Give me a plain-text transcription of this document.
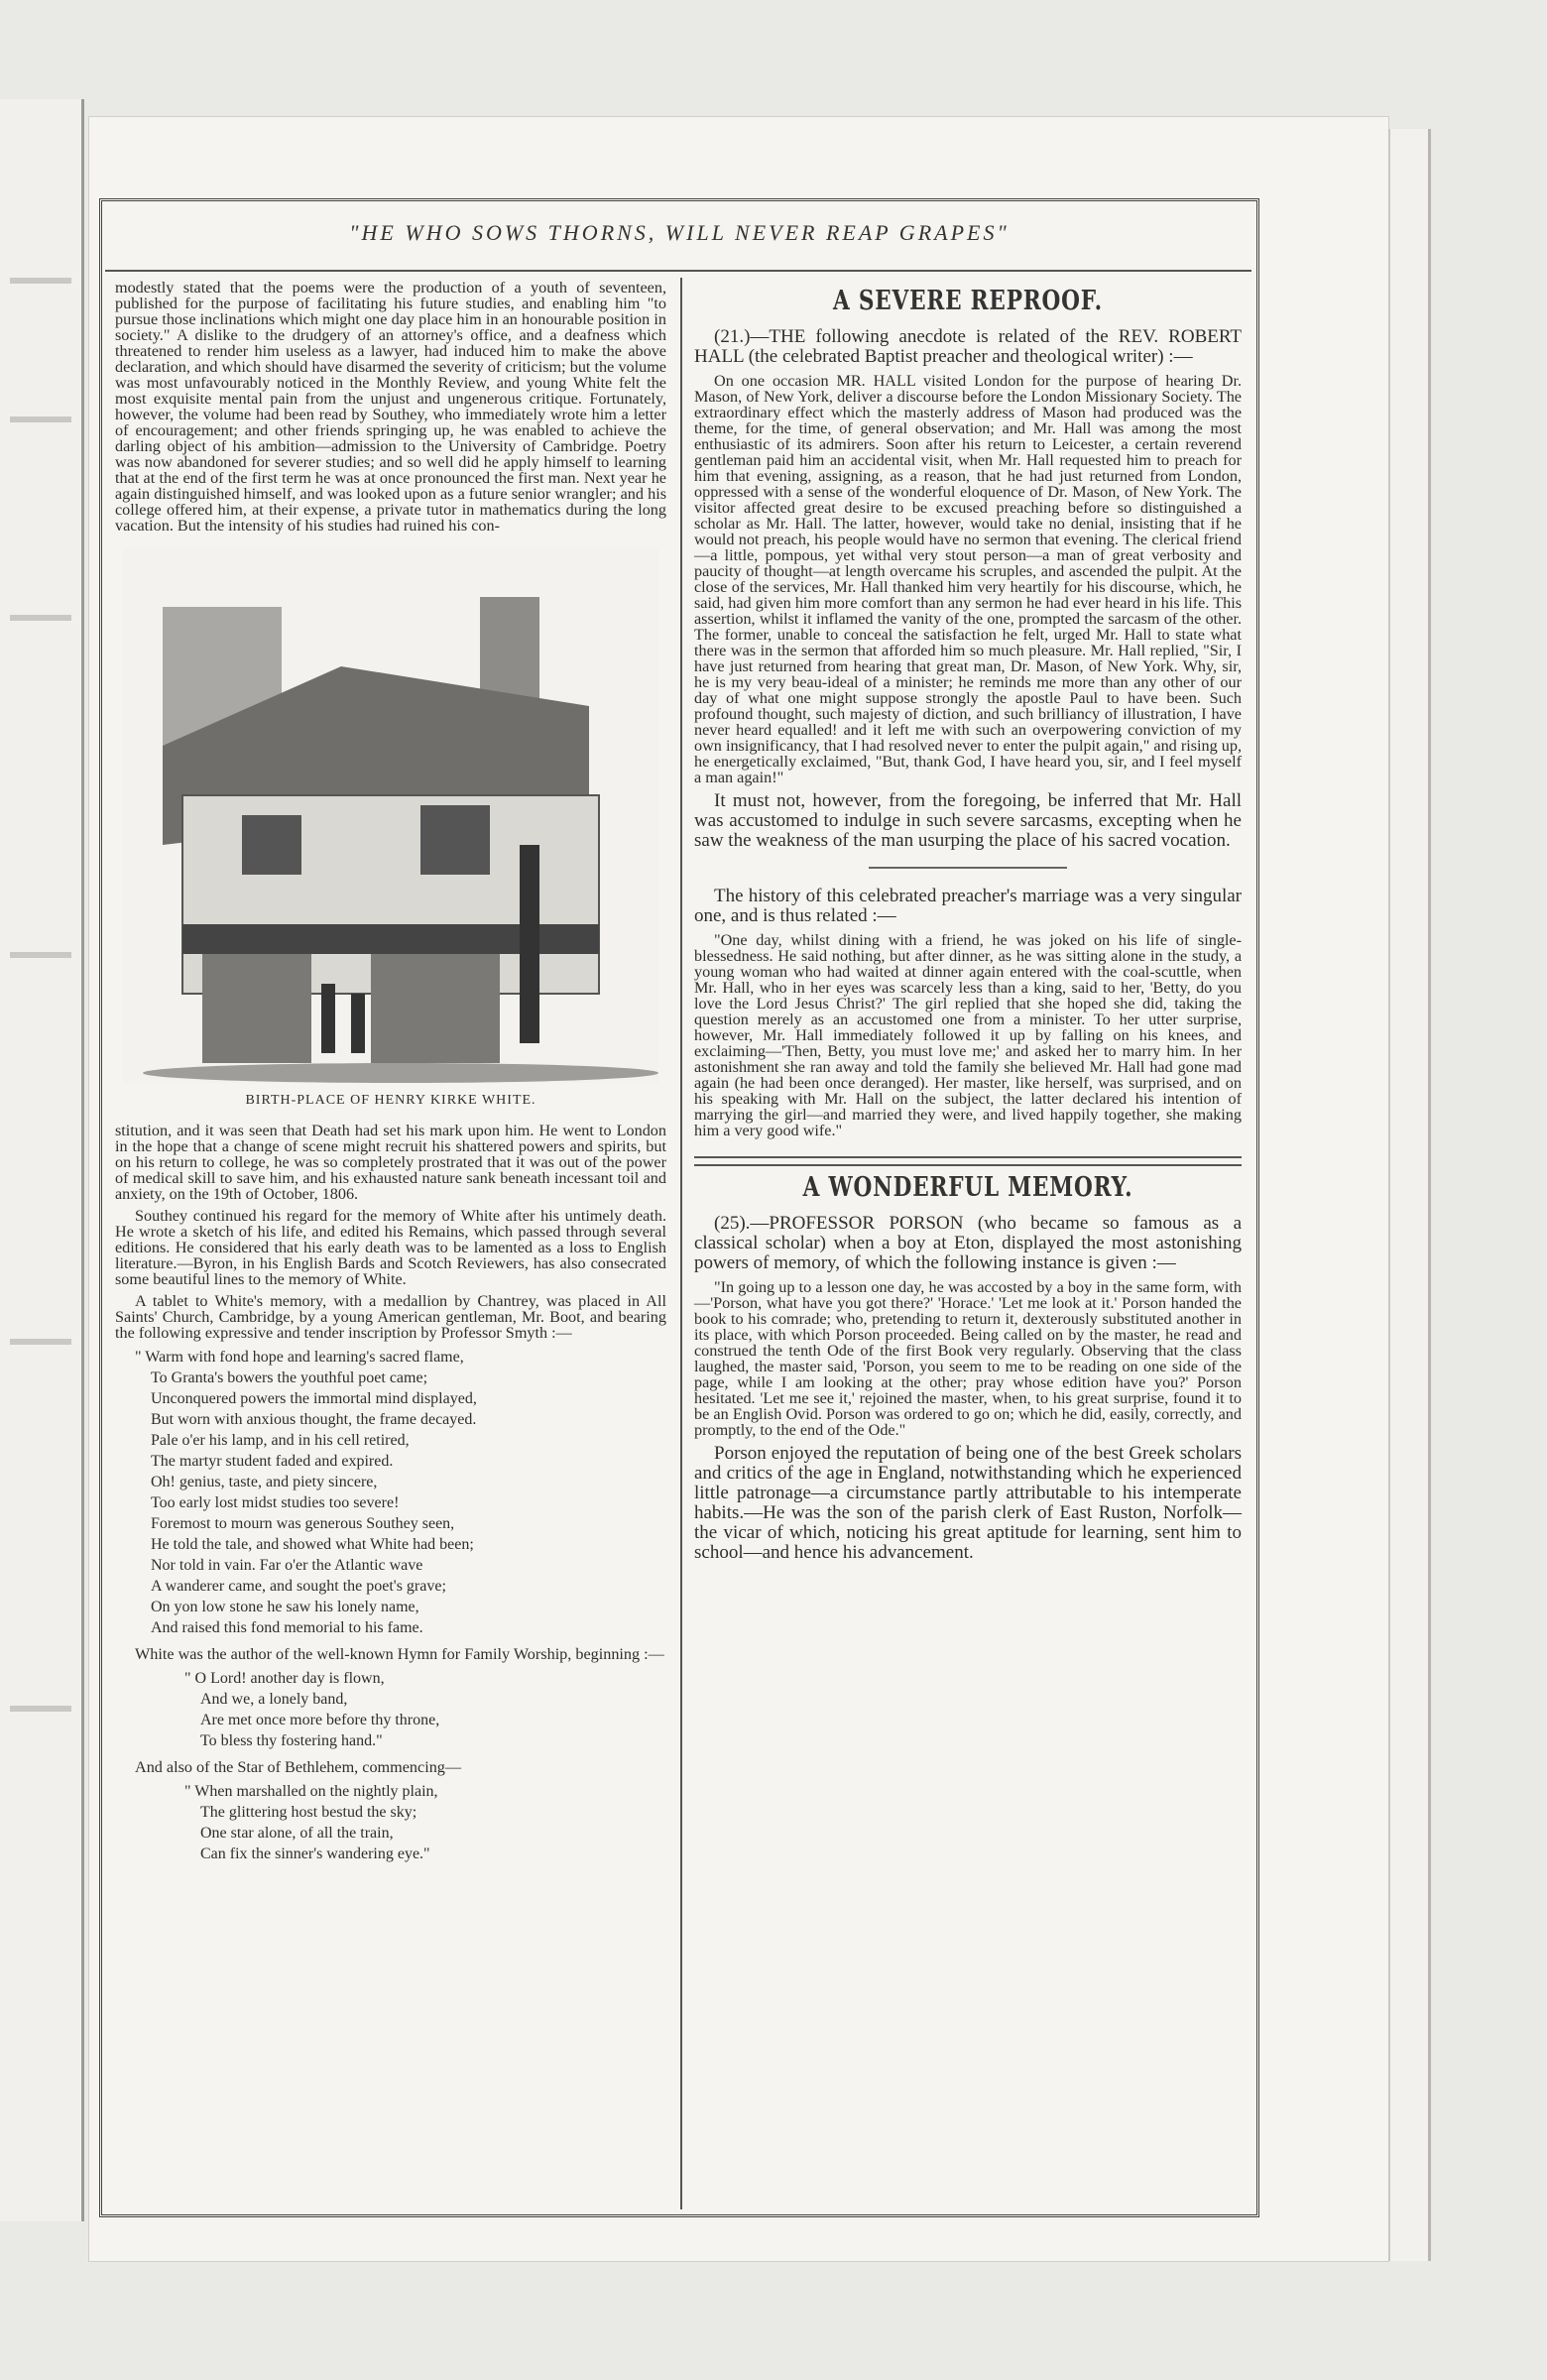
"HE WHO SOWS THORNS, WILL NEVER REAP GRAPES"

modestly stated that the poems were the production of a youth of seventeen, published for the purpose of facilitating his future studies, and enabling him "to pursue those inclinations which might one day place him in an honourable position in society." A dislike to the drudgery of an attorney's office, and a deafness which threatened to render him useless as a lawyer, had induced him to make the above declaration, and which should have disarmed the severity of criticism; but the volume was most unfavourably noticed in the Monthly Review, and young White felt the most exquisite mental pain from the unjust and ungenerous critique. Fortunately, however, the volume had been read by Southey, who immediately wrote him a letter of encouragement; and other friends springing up, he was enabled to achieve the darling object of his ambition—admission to the University of Cambridge. Poetry was now abandoned for severer studies; and so well did he apply himself to learning that at the end of the first term he was at once pronounced the first man. Next year he again distinguished himself, and was looked upon as a future senior wrangler; and his college offered him, at their expense, a private tutor in mathematics during the long vacation. But the intensity of his studies had ruined his con-

BIRTH-PLACE OF HENRY KIRKE WHITE.

stitution, and it was seen that Death had set his mark upon him. He went to London in the hope that a change of scene might recruit his shattered powers and spirits, but on his return to college, he was so completely prostrated that it was out of the power of medical skill to save him, and his exhausted nature sank beneath incessant toil and anxiety, on the 19th of October, 1806.

Southey continued his regard for the memory of White after his untimely death. He wrote a sketch of his life, and edited his Remains, which passed through several editions. He considered that his early death was to be lamented as a loss to English literature.—Byron, in his English Bards and Scotch Reviewers, has also consecrated some beautiful lines to the memory of White.

A tablet to White's memory, with a medallion by Chantrey, was placed in All Saints' Church, Cambridge, by a young American gentleman, Mr. Boot, and bearing the following expressive and tender inscription by Professor Smyth :—

" Warm with fond hope and learning's sacred flame,
To Granta's bowers the youthful poet came;
Unconquered powers the immortal mind displayed,
But worn with anxious thought, the frame decayed.
Pale o'er his lamp, and in his cell retired,
The martyr student faded and expired.
Oh! genius, taste, and piety sincere,
Too early lost midst studies too severe!
Foremost to mourn was generous Southey seen,
He told the tale, and showed what White had been;
Nor told in vain. Far o'er the Atlantic wave
A wanderer came, and sought the poet's grave;
On yon low stone he saw his lonely name,
And raised this fond memorial to his fame.

White was the author of the well-known Hymn for Family Worship, beginning :—

" O Lord! another day is flown,
And we, a lonely band,
Are met once more before thy throne,
To bless thy fostering hand."

And also of the Star of Bethlehem, commencing—

" When marshalled on the nightly plain,
The glittering host bestud the sky;
One star alone, of all the train,
Can fix the sinner's wandering eye."
A SEVERE REPROOF.

(21.)—THE following anecdote is related of the REV. ROBERT HALL (the celebrated Baptist preacher and theological writer) :—

On one occasion MR. HALL visited London for the purpose of hearing Dr. Mason, of New York, deliver a discourse before the London Missionary Society. The extraordinary effect which the masterly address of Mason had produced was the theme, for the time, of general observation; and Mr. Hall was among the most enthusiastic of its admirers. Soon after his return to Leicester, a certain reverend gentleman paid him an accidental visit, when Mr. Hall requested him to preach for him that evening, assigning, as a reason, that he had just returned from London, oppressed with a sense of the wonderful eloquence of Dr. Mason, of New York. The visitor affected great desire to be excused preaching before so distinguished a scholar as Mr. Hall. The latter, however, would take no denial, insisting that if he would not preach, his people would have no sermon that evening. The clerical friend—a little, pompous, yet withal very stout person—a man of great verbosity and paucity of thought—at length overcame his scruples, and ascended the pulpit. At the close of the services, Mr. Hall thanked him very heartily for his discourse, which, he said, had given him more comfort than any sermon he had ever heard in his life. This assertion, whilst it inflamed the vanity of the one, prompted the sarcasm of the other. The former, unable to conceal the satisfaction he felt, urged Mr. Hall to state what there was in the sermon that afforded him so much pleasure. Mr. Hall replied, "Sir, I have just returned from hearing that great man, Dr. Mason, of New York. Why, sir, he is my very beau-ideal of a minister; he reminds me more than any other of our day of what one might suppose strongly the apostle Paul to have been. Such profound thought, such majesty of diction, and such brilliancy of illustration, I have never heard equalled! and it left me with such an overpowering conviction of my own insignificancy, that I had resolved never to enter the pulpit again," and rising up, he energetically exclaimed, "But, thank God, I have heard you, sir, and I feel myself a man again!"

It must not, however, from the foregoing, be inferred that Mr. Hall was accustomed to indulge in such severe sarcasms, excepting when he saw the weakness of the man usurping the place of his sacred vocation.

The history of this celebrated preacher's marriage was a very singular one, and is thus related :—

"One day, whilst dining with a friend, he was joked on his life of single-blessedness. He said nothing, but after dinner, as he was sitting alone in the study, a young woman who had waited at dinner again entered with the coal-scuttle, when Mr. Hall, who in her eyes was scarcely less than a king, said to her, 'Betty, do you love the Lord Jesus Christ?' The girl replied that she hoped she did, taking the question merely as an accustomed one from a minister. To her utter surprise, however, Mr. Hall immediately followed it up by falling on his knees, and exclaiming—'Then, Betty, you must love me;' and asked her to marry him. In her astonishment she ran away and told the family she believed Mr. Hall had gone mad again (he had been once deranged). Her master, like herself, was surprised, and on his speaking with Mr. Hall on the subject, the latter declared his intention of marrying the girl—and married they were, and lived happily together, she making him a very good wife."

A WONDERFUL MEMORY.

(25).—PROFESSOR PORSON (who became so famous as a classical scholar) when a boy at Eton, displayed the most astonishing powers of memory, of which the following instance is given :—

"In going up to a lesson one day, he was accosted by a boy in the same form, with—'Porson, what have you got there?' 'Horace.' 'Let me look at it.' Porson handed the book to his comrade; who, pretending to return it, dexterously substituted another in its place, with which Porson proceeded. Being called on by the master, he read and construed the tenth Ode of the first Book very regularly. Observing that the class laughed, the master said, 'Porson, you seem to me to be reading on one side of the page, while I am looking at the other; pray whose edition have you?' Porson hesitated. 'Let me see it,' rejoined the master, when, to his great surprise, found it to be an English Ovid. Porson was ordered to go on; which he did, easily, correctly, and promptly, to the end of the Ode."

Porson enjoyed the reputation of being one of the best Greek scholars and critics of the age in England, notwithstanding which he experienced little patronage—a circumstance partly attributable to his intemperate habits.—He was the son of the parish clerk of East Ruston, Norfolk—the vicar of which, noticing his great aptitude for learning, sent him to school—and hence his advancement.
